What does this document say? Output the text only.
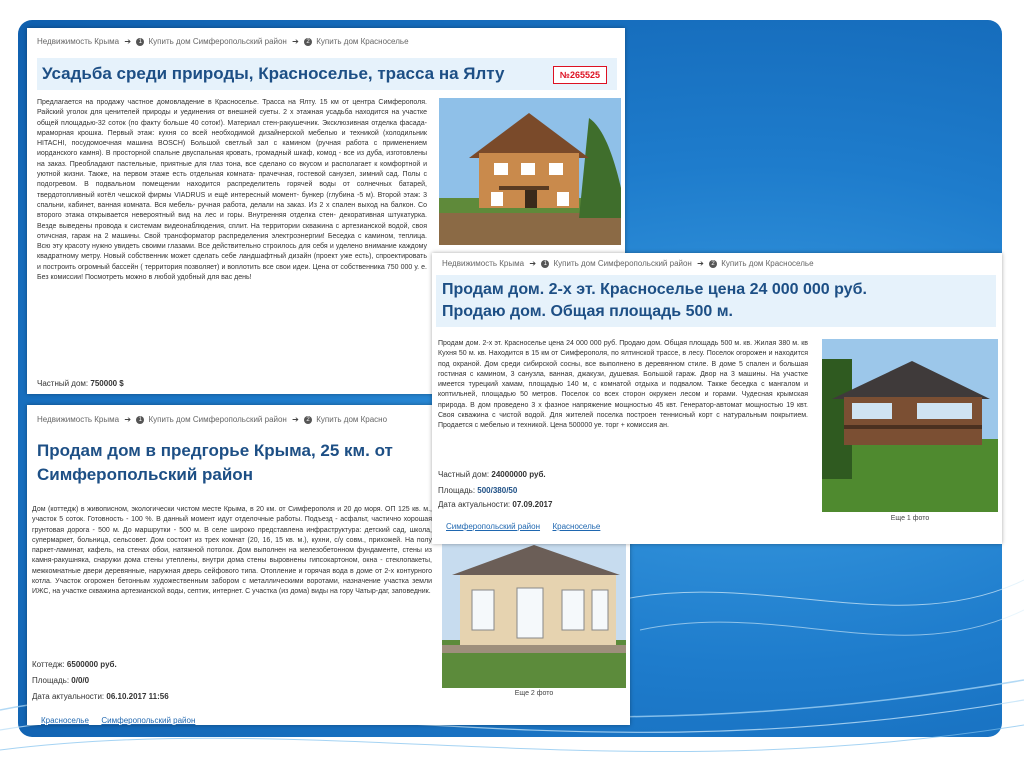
Недвижимость Крыма ➔ 1 Купить дом Симферопольский район ➔ 2 Купить дом Красноселье
Усадьба среди природы, Красноселье, трасса на Ялту	№265525
Предлагается на продажу частное домовладение в Красноселье. Трасса на Ялту. 15 км от центра Симферополя. Райский уголок для ценителей природы и уединения от внешней суеты. 2 х этажная усадьба находится на участке общей площадью-32 соток (по факту больше 40 соток!). Материал стен-ракушечник. Эксклюзивная отделка фасада- мраморная крошка. Первый этаж: кухня со всей необходимой дизайнерской мебелью и техникой (холодильник HITACHI, посудомоечная машина BOSCH) Большой светлый зал с камином (ручная работа с применением иорданского камня). В просторной спальне двуспальная кровать, громадный шкаф, комод - все из дуба, изготовлены на заказ. Преобладают пастельные, приятные для глаз тона, все сделано со вкусом и располагает к комфортной и уютной жизни. Также, на первом этаже есть отдельная комната- прачечная, гостевой санузел, зимний сад. Полы с подогревом. В подвальном помещении находится распределитель горячей воды от солнечных батарей, твердотопливный котёл чешской фирмы VIADRUS и ещё интересный момент- бункер (глубина -5 м). Второй этаж: 3 спальни, кабинет, ванная комната. Вся мебель- ручная работа, делали на заказ. Из 2 х спален выход на балкон. Со второго этажа открывается невероятный вид на лес и горы. Внутренняя отделка стен- декоративная штукатурка. Везде выведены провода к системам видеонаблюдения, сплит. На территории скважина с артезианской водой, своя отичсная, гараж на 2 машины. Свой трансформатор распределения электроэнергии! Беседка с камином, теплица. Всю эту красоту нужно увидеть своими глазами. Все действительно строилось для себя и уделено внимание каждому квадратному метру. Новый собственник может сделать себе ландшафтный дизайн (проект уже есть), спроектировать и построить огромный бассейн ( территория позволяет) и воплотить все свои идеи. Цена от собственника 750 000 у. е. Без комиссии! Посмотреть можно в любой удобный для вас день!
Частный дом: 750000 $
Недвижимость Крыма ➔ 1 Купить дом Симферопольский район ➔ 2 Купить дом Красно
Продам дом в предгорье Крыма, 25 км. от
Симферопольский район
Дом (коттедж) в живописном, экологически чистом месте Крыма, в 20 км. от Симферополя и 20 до моря. ОП 125 кв. м., участок 5 соток. Готовность - 100 %. В данный момент идут отделочные работы. Подъезд - асфальт, частично хорошая грунтовая дорога - 500 м. До маршрутки - 500 м. В селе широко представлена инфраструктура: детский сад, школа, супермаркет, больница, сельсовет. Дом состоит из трех комнат (20, 16, 15 кв. м.), кухни, с/у совм., прихожей. На полу паркет-ламинат, кафель, на стенах обои, натяжной потолок. Дом выполнен на железобетонном фундаменте, стены из камня-ракушняка, снаружи дома стены утеплены, внутри дома стены выровнены гипсокартоном, окна - стеклопакеты, межкомнатные двери деревянные, наружная дверь сейфового типа. Отопление и горячая вода в доме от 2-х контурного котла. Участок огорожен бетонным художественным забором с металлическими воротами, назначение участка земли ИЖС, на участке скважина артезианской воды, септик, интернет. С участка (из дома) виды на гору Чатыр-даг, заповедник.
Коттедж: 6500000 руб.
Площадь: 0/0/0
Дата актуальности: 06.10.2017 11:56
Красноселье Симферопольский район
Еще 2 фото
Недвижимость Крыма ➔ 1 Купить дом Симферопольский район ➔ 2 Купить дом Красноселье
Продам дом. 2-х эт. Красноселье цена 24 000 000 руб.
Продаю дом. Общая площадь 500 м.
Продам дом. 2-х эт. Красноселье цена 24 000 000 руб. Продаю дом. Общая площадь 500 м. кв. Жилая 380 м. кв Кухня 50 м. кв. Находится в 15 км от Симферополя, по ялтинской трассе, в лесу. Поселок огорожен и находится под охраной. Дом среди сибирской сосны, все выполнено в деревянном стиле. В доме 5 спален и большая гостиная с камином, 3 санузла, ванная, джакузи, душевая. Большой гараж. Двор на 3 машины. На участке имеется турецкий хамам, площадью 140 м, с комнатой отдыха и подвалом. Также беседка с мангалом и коптильней, площадью 50 метров. Поселок со всех сторон окружен лесом и горами. Чудесная крымская природа. В дом проведено 3 х фазное напряжение мощностью 45 квт. Генератор-автомат мощностью 19 квт. Своя скважина с чистой водой. Для жителей поселка построен теннисный корт с натуральным покрытием. Продается с мебелью и техникой. Цена 500000 уе. торг + комиссия ан.
Частный дом: 24000000 руб.
Площадь: 500/380/50
Дата актуальности: 07.09.2017
Симферопольский район Красноселье
Еще 1 фото
